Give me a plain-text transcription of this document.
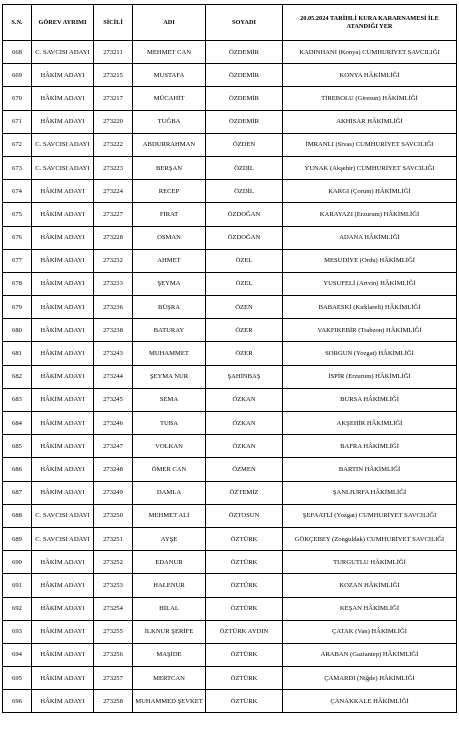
S.N.	GÖREV AYRIMI	SİCİLİ	ADI	SOYADI	20.05.2024 TARİHLİ KURA KARARNAMESİ İLE
ATANDIĞI YER
668	C. SAVCISI ADAYI	273211	MEHMET CAN	ÖZDEMİR	KADINHANI (Konya) CUMHURİYET SAVCILIĞI
669	HÂKİM ADAYI	273215	MUSTAFA	ÖZDEMİR	KONYA HÂKİMLİĞİ
670	HÂKİM ADAYI	273217	MÜCAHİT	ÖZDEMİR	TİREBOLU (Giresun) HÂKİMLİĞİ
671	HÂKİM ADAYI	273220	TUĞBA	ÖZDEMİR	AKHİSAR HÂKİMLİĞİ
672	C. SAVCISI ADAYI	273222	ABDURRAHMAN	ÖZDEN	İMRANLI (Sivas) CUMHURİYET SAVCILIĞI
673	C. SAVCISI ADAYI	273223	BERŞAN	ÖZDİL	YUNAK (Akşehir) CUMHURİYET SAVCILIĞI
674	HÂKİM ADAYI	273224	RECEP	ÖZDİL	KARGI (Çorum) HÂKİMLİĞİ
675	HÂKİM ADAYI	273227	FIRAT	ÖZDOĞAN	KARAYAZI (Erzurum) HÂKİMLİĞİ
676	HÂKİM ADAYI	273228	OSMAN	ÖZDOĞAN	ADANA HÂKİMLİĞİ
677	HÂKİM ADAYI	273232	AHMET	ÖZEL	MESUDİYE (Ordu) HÂKİMLİĞİ
678	HÂKİM ADAYI	273233	ŞEYMA	ÖZEL	YUSUFELİ (Artvin) HÂKİMLİĞİ
679	HÂKİM ADAYI	273236	BÜŞRA	ÖZEN	BABAESKİ (Kırklareli) HÂKİMLİĞİ
680	HÂKİM ADAYI	273238	BATURAY	ÖZER	VAKFIKEBİR (Trabzon) HÂKİMLİĞİ
681	HÂKİM ADAYI	273243	MUHAMMET	ÖZER	SORGUN (Yozgat) HÂKİMLİĞİ
682	HÂKİM ADAYI	273244	ŞEYMA NUR	ŞAHİNBAŞ	İSPİR (Erzurum) HÂKİMLİĞİ
683	HÂKİM ADAYI	273245	SEMA	ÖZKAN	BURSA HÂKİMLİĞİ
684	HÂKİM ADAYI	273246	TUBA	ÖZKAN	AKŞEHİR HÂKİMLİĞİ
685	HÂKİM ADAYI	273247	VOLKAN	ÖZKAN	BAFRA HÂKİMLİĞİ
686	HÂKİM ADAYI	273248	ÖMER CAN	ÖZMEN	BARTIN HÂKİMLİĞİ
687	HÂKİM ADAYI	273249	DAMLA	ÖZTEMİZ	ŞANLIURFA HÂKİMLİĞİ
688	C. SAVCISI ADAYI	273250	MEHMET ALİ	ÖZTOSUN	ŞEFAATLİ (Yozgat) CUMHURİYET SAVCILIĞI
689	C. SAVCISI ADAYI	273251	AYŞE	ÖZTÜRK	GÖKÇEBEY (Zonguldak) CUMHURİYET SAVCILIĞI
690	HÂKİM ADAYI	273252	EDANUR	ÖZTÜRK	TURGUTLU HÂKİMLİĞİ
691	HÂKİM ADAYI	273253	HALENUR	ÖZTÜRK	KOZAN HÂKİMLİĞİ
692	HÂKİM ADAYI	273254	HİLAL	ÖZTÜRK	KEŞAN HÂKİMLİĞİ
693	HÂKİM ADAYI	273255	İLKNUR ŞERİFE	ÖZTÜRK AYDIN	ÇATAK (Van) HÂKİMLİĞİ
694	HÂKİM ADAYI	273256	MAŞİDE	ÖZTÜRK	ARABAN (Gaziantep) HÂKİMLİĞİ
695	HÂKİM ADAYI	273257	MERTCAN	ÖZTÜRK	ÇAMARDI (Niğde) HÂKİMLİĞİ
696	HÂKİM ADAYI	273258	MUHAMMED ŞEVKET	ÖZTÜRK	ÇANAKKALE HÂKİMLİĞİ
